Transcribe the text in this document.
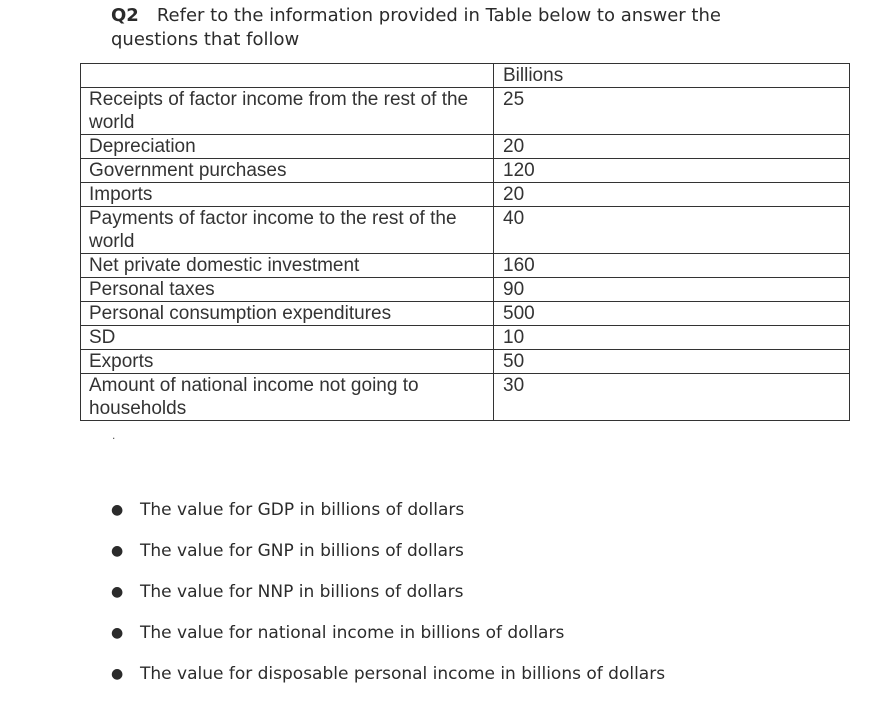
Q2 Refer to the information provided in Table below to answer the
questions that follow
	Billions
Receipts of factor income from the rest of the world	25
Depreciation	20
Government purchases	120
Imports	20
Payments of factor income to the rest of the world	40
Net private domestic investment	160
Personal taxes	90
Personal consumption expenditures	500
SD	10
Exports	50
Amount of national income not going to households	30
.
● The value for GDP in billions of dollars
● The value for GNP in billions of dollars
● The value for NNP in billions of dollars
● The value for national income in billions of dollars
● The value for disposable personal income in billions of dollars
